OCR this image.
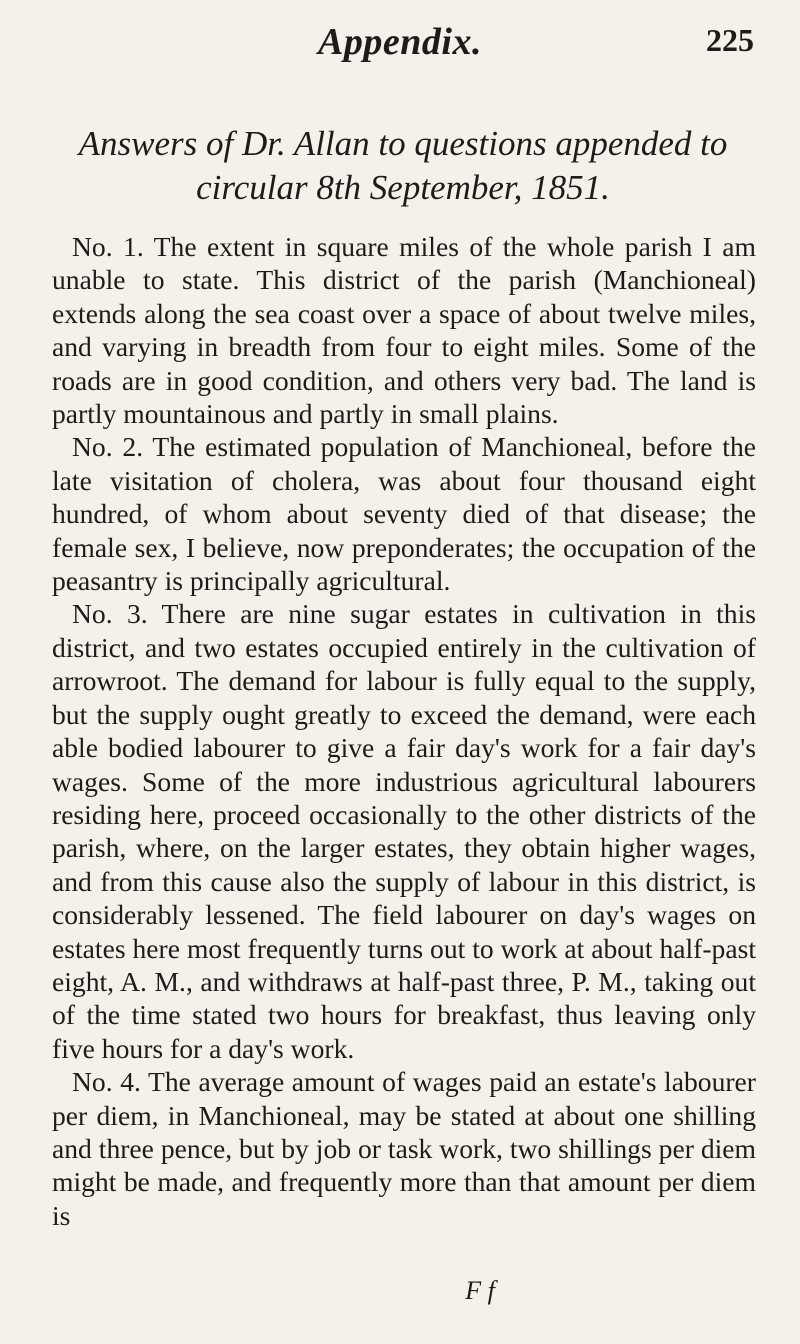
Appendix.	225
Answers of Dr. Allan to questions appended to circular 8th September, 1851.

No. 1. The extent in square miles of the whole parish I am unable to state. This district of the parish (Manchioneal) extends along the sea coast over a space of about twelve miles, and varying in breadth from four to eight miles. Some of the roads are in good condition, and others very bad. The land is partly mountainous and partly in small plains.

No. 2. The estimated population of Manchioneal, before the late visitation of cholera, was about four thousand eight hundred, of whom about seventy died of that disease; the female sex, I believe, now preponderates; the occupation of the peasantry is principally agricultural.

No. 3. There are nine sugar estates in cultivation in this district, and two estates occupied entirely in the cultivation of arrowroot. The demand for labour is fully equal to the supply, but the supply ought greatly to exceed the demand, were each able bodied labourer to give a fair day's work for a fair day's wages. Some of the more industrious agricultural labourers residing here, proceed occasionally to the other districts of the parish, where, on the larger estates, they obtain higher wages, and from this cause also the supply of labour in this district, is considerably lessened. The field labourer on day's wages on estates here most frequently turns out to work at about half-past eight, A. M., and withdraws at half-past three, P. M., taking out of the time stated two hours for breakfast, thus leaving only five hours for a day's work.

No. 4. The average amount of wages paid an estate's labourer per diem, in Manchioneal, may be stated at about one shilling and three pence, but by job or task work, two shillings per diem might be made, and frequently more than that amount per diem is

F f
